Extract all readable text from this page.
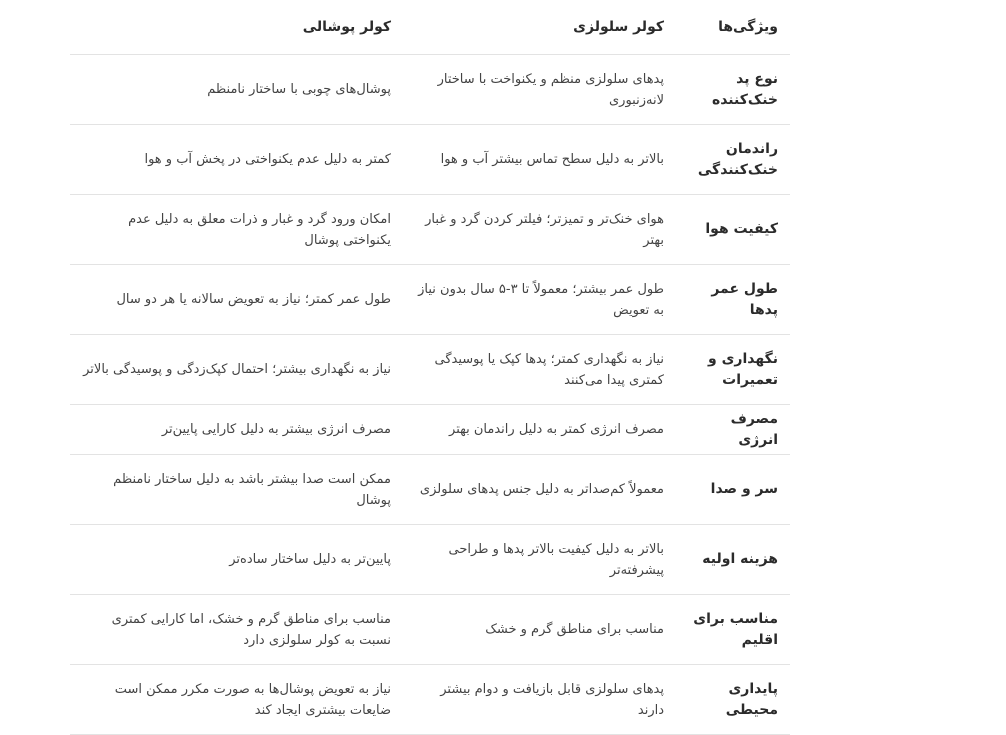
ویژگی‌ها	کولر سلولزی	کولر پوشالی
نوع پد خنک‌کننده	پدهای سلولزی منظم و یکنواخت با ساختار لانه‌زنبوری	پوشال‌های چوبی با ساختار نامنظم
راندمان خنک‌کنندگی	بالاتر به دلیل سطح تماس بیشتر آب و هوا	کمتر به دلیل عدم یکنواختی در پخش آب و هوا
کیفیت هوا	هوای خنک‌تر و تمیزتر؛ فیلتر کردن گرد و غبار بهتر	امکان ورود گرد و غبار و ذرات معلق به دلیل عدم یکنواختی پوشال
طول عمر پدها	طول عمر بیشتر؛ معمولاً تا ۳-۵ سال بدون نیاز به تعویض	طول عمر کمتر؛ نیاز به تعویض سالانه یا هر دو سال
نگهداری و تعمیرات	نیاز به نگهداری کمتر؛ پدها کپک یا پوسیدگی کمتری پیدا می‌کنند	نیاز به نگهداری بیشتر؛ احتمال کپک‌زدگی و پوسیدگی بالاتر
مصرف انرژی	مصرف انرژی کمتر به دلیل راندمان بهتر	مصرف انرژی بیشتر به دلیل کارایی پایین‌تر
سر و صدا	معمولاً کم‌صداتر به دلیل جنس پدهای سلولزی	ممکن است صدا بیشتر باشد به دلیل ساختار نامنظم پوشال
هزینه اولیه	بالاتر به دلیل کیفیت بالاتر پدها و طراحی پیشرفته‌تر	پایین‌تر به دلیل ساختار ساده‌تر
مناسب برای اقلیم	مناسب برای مناطق گرم و خشک	مناسب برای مناطق گرم و خشک، اما کارایی کمتری نسبت به کولر سلولزی دارد
پایداری محیطی	پدهای سلولزی قابل بازیافت و دوام بیشتر دارند	نیاز به تعویض پوشال‌ها به صورت مکرر ممکن است ضایعات بیشتری ایجاد کند
